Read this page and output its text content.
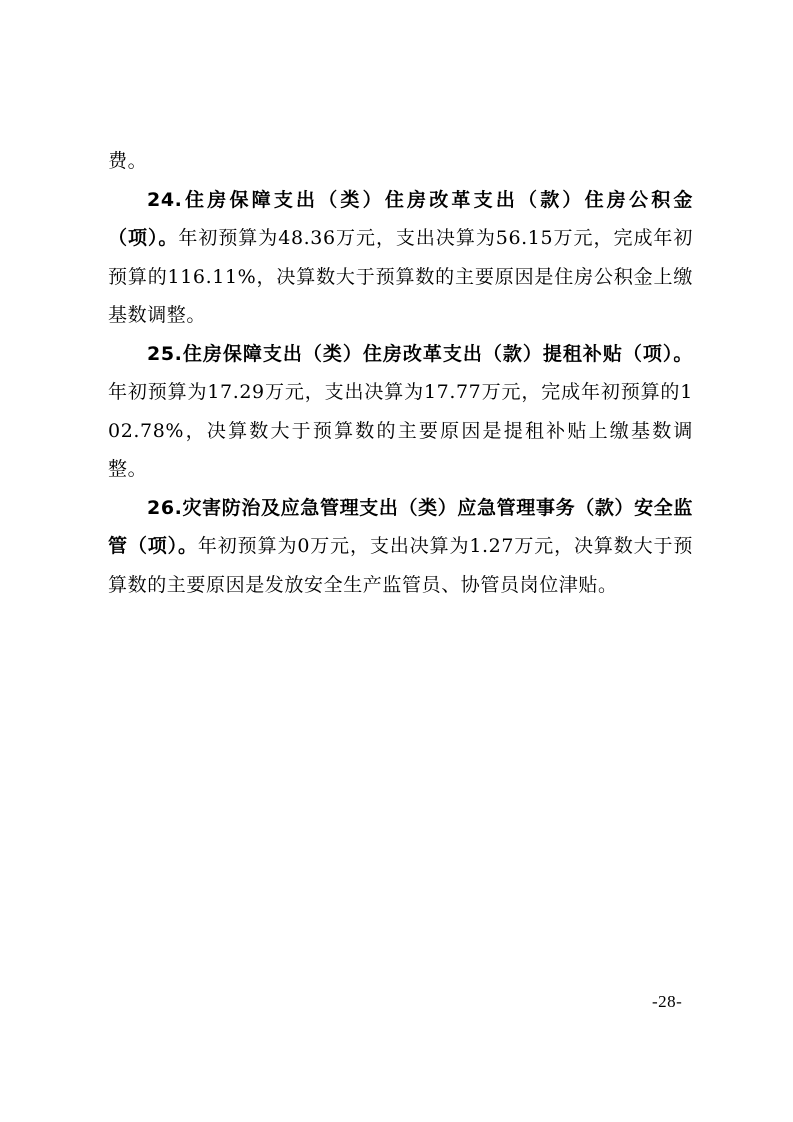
费。

24.住房保障支出（类）住房改革支出（款）住房公积金（项）。年初预算为48.36万元，支出决算为56.15万元，完成年初预算的116.11%，决算数大于预算数的主要原因是住房公积金上缴基数调整。

25.住房保障支出（类）住房改革支出（款）提租补贴（项）。年初预算为17.29万元，支出决算为17.77万元，完成年初预算的102.78%，决算数大于预算数的主要原因是提租补贴上缴基数调整。

26.灾害防治及应急管理支出（类）应急管理事务（款）安全监管（项）。年初预算为0万元，支出决算为1.27万元，决算数大于预算数的主要原因是发放安全生产监管员、协管员岗位津贴。

-28-
